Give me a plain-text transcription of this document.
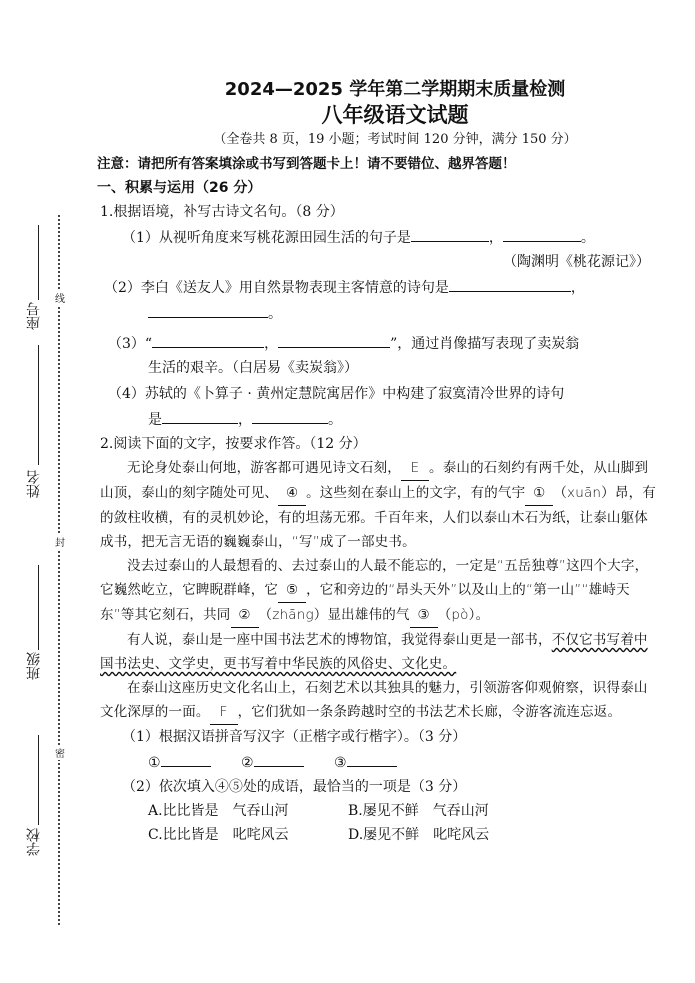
座号
姓名
班级
学校
线
封
密
2024—2025 学年第二学期期末质量检测
八年级语文试题
（全卷共 8 页，19 小题；考试时间 120 分钟，满分 150 分）
注意：请把所有答案填涂或书写到答题卡上！请不要错位、越界答题！
一、积累与运用（26 分）
1.根据语境，补写古诗文名句。（8 分）
（1）从视听角度来写桃花源田园生活的句子是	，	。
（陶渊明《桃花源记》）
（2）李白《送友人》用自然景物表现主客情意的诗句是	，
。
（3）“	，	”，通过肖像描写表现了卖炭翁
生活的艰辛。（白居易《卖炭翁》）
（4）苏轼的《卜算子 · 黄州定慧院寓居作》中构建了寂寞清冷世界的诗句
是	，	。
2.阅读下面的文字，按要求作答。（12 分）
无论身处泰山何地，游客都可遇见诗文石刻， E 。泰山的石刻约有两千处，从山脚到山顶，泰山的刻字随处可见、 ④ 。这些刻在泰山上的文字，有的气宇 ① （xuān）昂，有的敛柱收横，有的灵机妙论，有的坦荡无邪。千百年来，人们以泰山木石为纸，让泰山躯体成书，把无言无语的巍巍泰山，“写”成了一部史书。
没去过泰山的人最想看的、去过泰山的人最不能忘的，一定是“五岳独尊”这四个大字，它巍然屹立，它睥睨群峰，它 ⑤ ，它和旁边的“昂头天外”以及山上的“第一山”“雄峙天东”等其它刻石，共同 ② （zhāng）显出雄伟的气 ③ （pò）。
有人说，泰山是一座中国书法艺术的博物馆，我觉得泰山更是一部书，不仅它书写着中国书法史、文学史，更书写着中华民族的风俗史、文化史。
在泰山这座历史文化名山上，石刻艺术以其独具的魅力，引领游客仰观俯察，识得泰山文化深厚的一面。 F ，它们犹如一条条跨越时空的书法艺术长廊，令游客流连忘返。
（1）根据汉语拼音写汉字（正楷字或行楷字）。（3 分）
①	②	③
（2）依次填入④⑤处的成语，最恰当的一项是（3 分）
A.比比皆是　气吞山河	B.屡见不鲜　气吞山河
C.比比皆是　叱咤风云	D.屡见不鲜　叱咤风云
